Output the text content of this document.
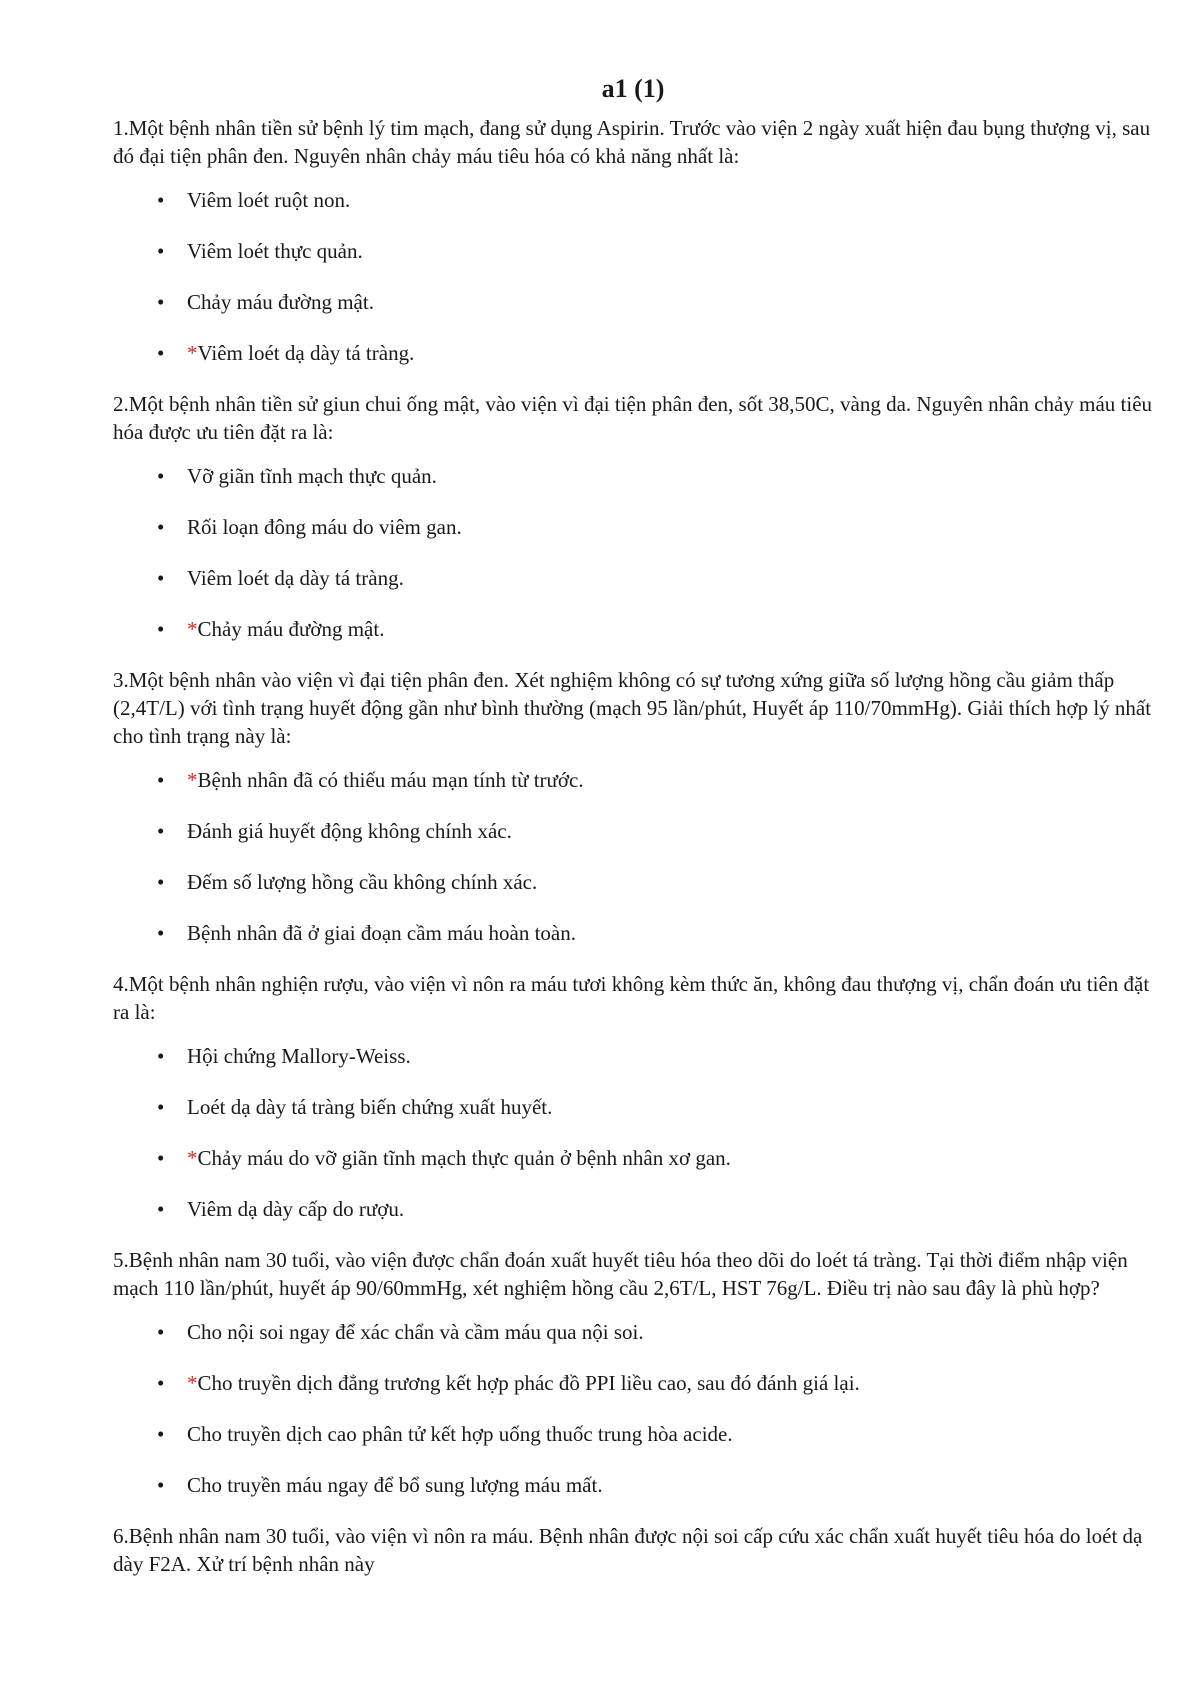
a1 (1)

1.Một bệnh nhân tiền sử bệnh lý tim mạch, đang sử dụng Aspirin. Trước vào viện 2 ngày xuất hiện đau bụng thượng vị, sau đó đại tiện phân đen. Nguyên nhân chảy máu tiêu hóa có khả năng nhất là:

• Viêm loét ruột non.
• Viêm loét thực quản.
• Chảy máu đường mật.
• *Viêm loét dạ dày tá tràng.

2.Một bệnh nhân tiền sử giun chui ống mật, vào viện vì đại tiện phân đen, sốt 38,50C, vàng da. Nguyên nhân chảy máu tiêu hóa được ưu tiên đặt ra là:

• Vỡ giãn tĩnh mạch thực quản.
• Rối loạn đông máu do viêm gan.
• Viêm loét dạ dày tá tràng.
• *Chảy máu đường mật.

3.Một bệnh nhân vào viện vì đại tiện phân đen. Xét nghiệm không có sự tương xứng giữa số lượng hồng cầu giảm thấp (2,4T/L) với tình trạng huyết động gần như bình thường (mạch 95 lần/phút, Huyết áp 110/70mmHg). Giải thích hợp lý nhất cho tình trạng này là:

• *Bệnh nhân đã có thiếu máu mạn tính từ trước.
• Đánh giá huyết động không chính xác.
• Đếm số lượng hồng cầu không chính xác.
• Bệnh nhân đã ở giai đoạn cầm máu hoàn toàn.

4.Một bệnh nhân nghiện rượu, vào viện vì nôn ra máu tươi không kèm thức ăn, không đau thượng vị, chẩn đoán ưu tiên đặt ra là:

• Hội chứng Mallory-Weiss.
• Loét dạ dày tá tràng biến chứng xuất huyết.
• *Chảy máu do vỡ giãn tĩnh mạch thực quản ở bệnh nhân xơ gan.
• Viêm dạ dày cấp do rượu.

5.Bệnh nhân nam 30 tuổi, vào viện được chẩn đoán xuất huyết tiêu hóa theo dõi do loét tá tràng. Tại thời điểm nhập viện mạch 110 lần/phút, huyết áp 90/60mmHg, xét nghiệm hồng cầu 2,6T/L, HST 76g/L. Điều trị nào sau đây là phù hợp?

• Cho nội soi ngay để xác chẩn và cầm máu qua nội soi.
• *Cho truyền dịch đẳng trương kết hợp phác đồ PPI liều cao, sau đó đánh giá lại.
• Cho truyền dịch cao phân tử kết hợp uống thuốc trung hòa acide.
• Cho truyền máu ngay để bổ sung lượng máu mất.

6.Bệnh nhân nam 30 tuổi, vào viện vì nôn ra máu. Bệnh nhân được nội soi cấp cứu xác chẩn xuất huyết tiêu hóa do loét dạ dày F2A. Xử trí bệnh nhân này
